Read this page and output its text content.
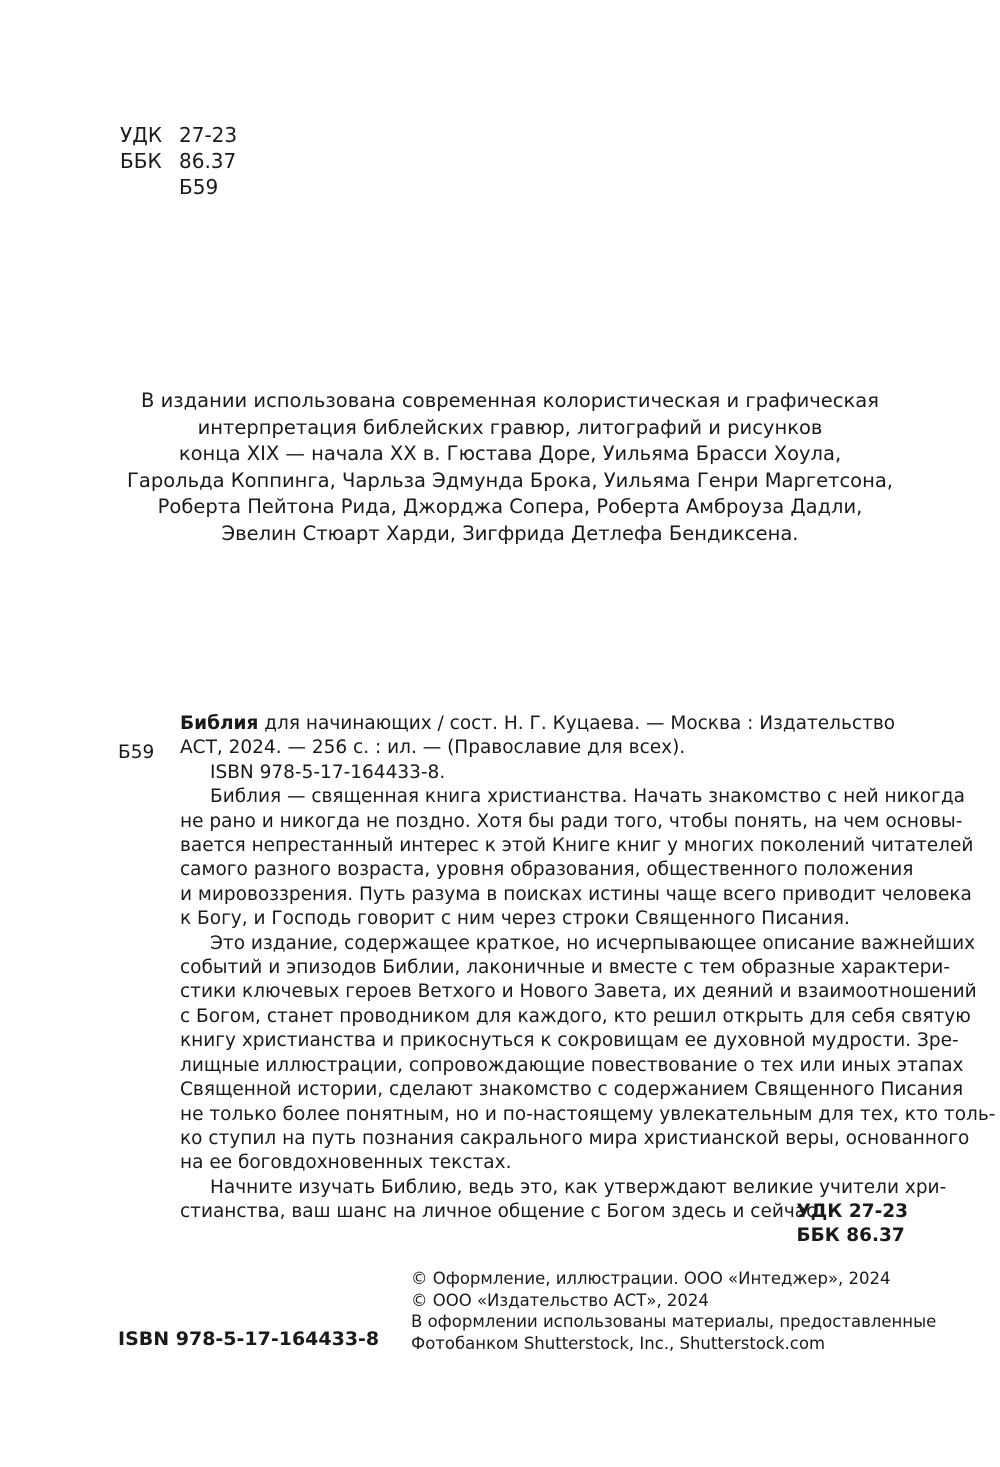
УДК 27-23
ББК 86.37
Б59
В издании использована современная колористическая и графическая
интерпретация библейских гравюр, литографий и рисунков
конца XIX — начала XX в. Гюстава Доре, Уильяма Брасси Хоула,
Гарольда Коппинга, Чарльза Эдмунда Брока, Уильяма Генри Маргетсона,
Роберта Пейтона Рида, Джорджа Сопера, Роберта Амброуза Дадли,
Эвелин Стюарт Харди, Зигфрида Детлефа Бендиксена.
Б59
Библия для начинающих / сост. Н. Г. Куцаева. — Москва : Издательство
АСТ, 2024. — 256 с. : ил. — (Православие для всех).
ISBN 978-5-17-164433-8.
Библия — священная книга христианства. Начать знакомство с ней никогда
не рано и никогда не поздно. Хотя бы ради того, чтобы понять, на чем основы-
вается непрестанный интерес к этой Книге книг у многих поколений читателей
самого разного возраста, уровня образования, общественного положения
и мировоззрения. Путь разума в поисках истины чаще всего приводит человека
к Богу, и Господь говорит с ним через строки Священного Писания.
Это издание, содержащее краткое, но исчерпывающее описание важнейших
событий и эпизодов Библии, лаконичные и вместе с тем образные характери-
стики ключевых героев Ветхого и Нового Завета, их деяний и взаимоотношений
с Богом, станет проводником для каждого, кто решил открыть для себя святую
книгу христианства и прикоснуться к сокровищам ее духовной мудрости. Зре-
лищные иллюстрации, сопровождающие повествование о тех или иных этапах
Священной истории, сделают знакомство с содержанием Священного Писания
не только более понятным, но и по-настоящему увлекательным для тех, кто толь-
ко ступил на путь познания сакрального мира христианской веры, основанного
на ее боговдохновенных текстах.
Начните изучать Библию, ведь это, как утверждают великие учители хри-
стианства, ваш шанс на личное общение с Богом здесь и сейчас.
УДК 27-23
ББК 86.37
© Оформление, иллюстрации. ООО «Интеджер», 2024
© ООО «Издательство АСТ», 2024
В оформлении использованы материалы, предоставленные
Фотобанком Shutterstock, Inc., Shutterstock.com
ISBN 978-5-17-164433-8
